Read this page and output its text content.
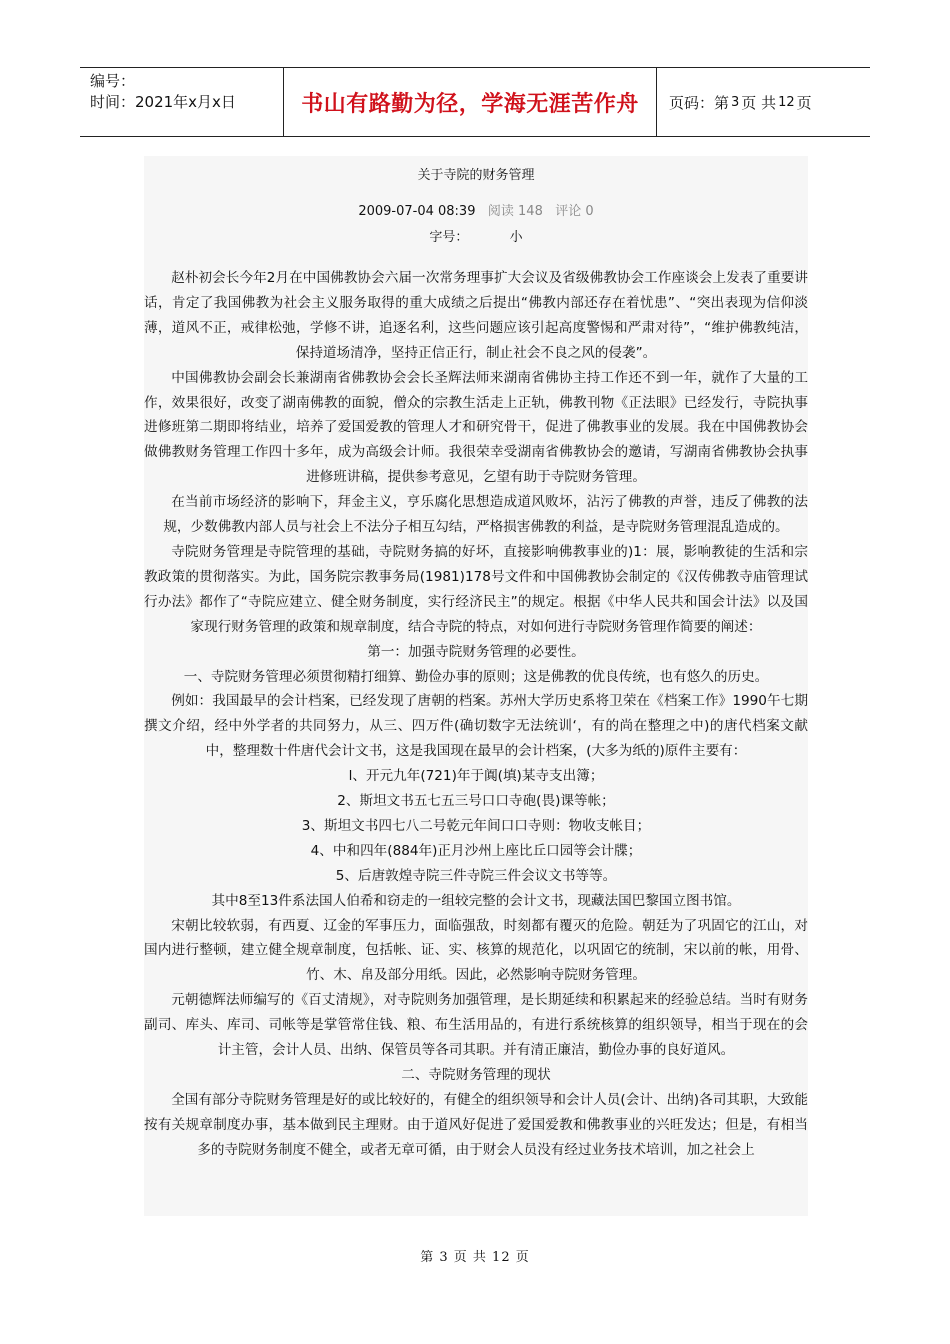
编号：
时间：2021年x月x日	书山有路勤为径，学海无涯苦作舟	页码：第 3 页 共 12 页
关于寺院的财务管理
2009-07-04 08:39 阅读 148 评论 0
字号：	小

赵朴初会长今年2月在中国佛教协会六届一次常务理事扩大会议及省级佛教协会工作座谈会上发表了重要讲话，肯定了我国佛教为社会主义服务取得的重大成绩之后提出“佛教内部还存在着忧患”、“突出表现为信仰淡薄，道风不正，戒律松弛，学修不讲，追逐名利，这些问题应该引起高度警惕和严肃对待”，“维护佛教纯洁，保持道场清净，坚持正信正行，制止社会不良之风的侵袭”。

中国佛教协会副会长兼湖南省佛教协会会长圣辉法师来湖南省佛协主持工作还不到一年，就作了大量的工作，效果很好，改变了湖南佛教的面貌，僧众的宗教生活走上正轨，佛教刊物《正法眼》已经发行，寺院执事进修班第二期即将结业，培养了爱国爱教的管理人才和研究骨干，促进了佛教事业的发展。我在中国佛教协会做佛教财务管理工作四十多年，成为高级会计师。我很荣幸受湖南省佛教协会的邀请，写湖南省佛教协会执事进修班讲稿，提供参考意见，乞望有助于寺院财务管理。

在当前市场经济的影响下，拜金主义，亨乐腐化思想造成道风败坏，沾污了佛教的声誉，违反了佛教的法规，少数佛教内部人员与社会上不法分子相互勾结，严格损害佛教的利益，是寺院财务管理混乱造成的。

寺院财务管理是寺院管理的基础，寺院财务搞的好坏，直接影响佛教事业的)1：展，影响教徒的生活和宗教政策的贯彻落实。为此，国务院宗教事务局(1981)178号文件和中国佛教协会制定的《汉传佛教寺庙管理试行办法》都作了“寺院应建立、健全财务制度，实行经济民主”的规定。根据《中华人民共和国会计法》以及国家现行财务管理的政策和规章制度，结合寺院的特点，对如何进行寺院财务管理作简要的阐述：

第一：加强寺院财务管理的必要性。

一、寺院财务管理必须贯彻精打细算、勤俭办事的原则；这是佛教的优良传统，也有悠久的历史。

例如：我国最早的会计档案，已经发现了唐朝的档案。苏州大学历史系将卫荣在《档案工作》1990午七期撰文介绍，经中外学者的共同努力，从三、四万件(确切数字无法统训‘，有的尚在整理之中)的唐代档案文献中，整理数十件唐代会计文书，这是我国现在最早的会计档案，(大多为纸的)原件主要有：

l、开元九年(721)年于阗(填)某寺支出簿；

2、斯坦文书五七五三号口口寺砲(畏)课等帐；

3、斯坦文书四七八二号乾元年间口口寺则：物收支帐目；

4、中和四年(884年)正月沙州上座比丘口园等会计牒；

5、后唐敦煌寺院三件寺院三件会议文书等等。

其中8至13件系法国人伯希和窃走的一组较完整的会计文书，现藏法国巴黎国立图书馆。

宋朝比较软弱，有西夏、辽金的军事压力，面临强敌，时刻都有覆灭的危险。朝廷为了巩固它的江山，对国内进行整顿，建立健全规章制度，包括帐、证、实、核算的规范化，以巩固它的统制，宋以前的帐，用骨、竹、木、帛及部分用纸。因此，必然影响寺院财务管理。

元朝德辉法师编写的《百丈清规》，对寺院则务加强管理，是长期延续和积累起来的经验总结。当时有财务副司、库头、库司、司帐等是掌管常住钱、粮、布生活用品的，有进行系统核算的组织领导，相当于现在的会计主管，会计人员、出纳、保管员等各司其职。并有清正廉洁，勤俭办事的良好道风。

二、寺院财务管理的现状

全国有部分寺院财务管理是好的或比较好的，有健全的组织领导和会计人员(会计、出纳)各司其职，大致能按有关规章制度办事，基本做到民主理财。由于道风好促进了爱国爱教和佛教事业的兴旺发达；但是，有相当多的寺院财务制度不健全，或者无章可循，由于财会人员没有经过业务技术培训，加之社会上

第 3 页 共 12 页
